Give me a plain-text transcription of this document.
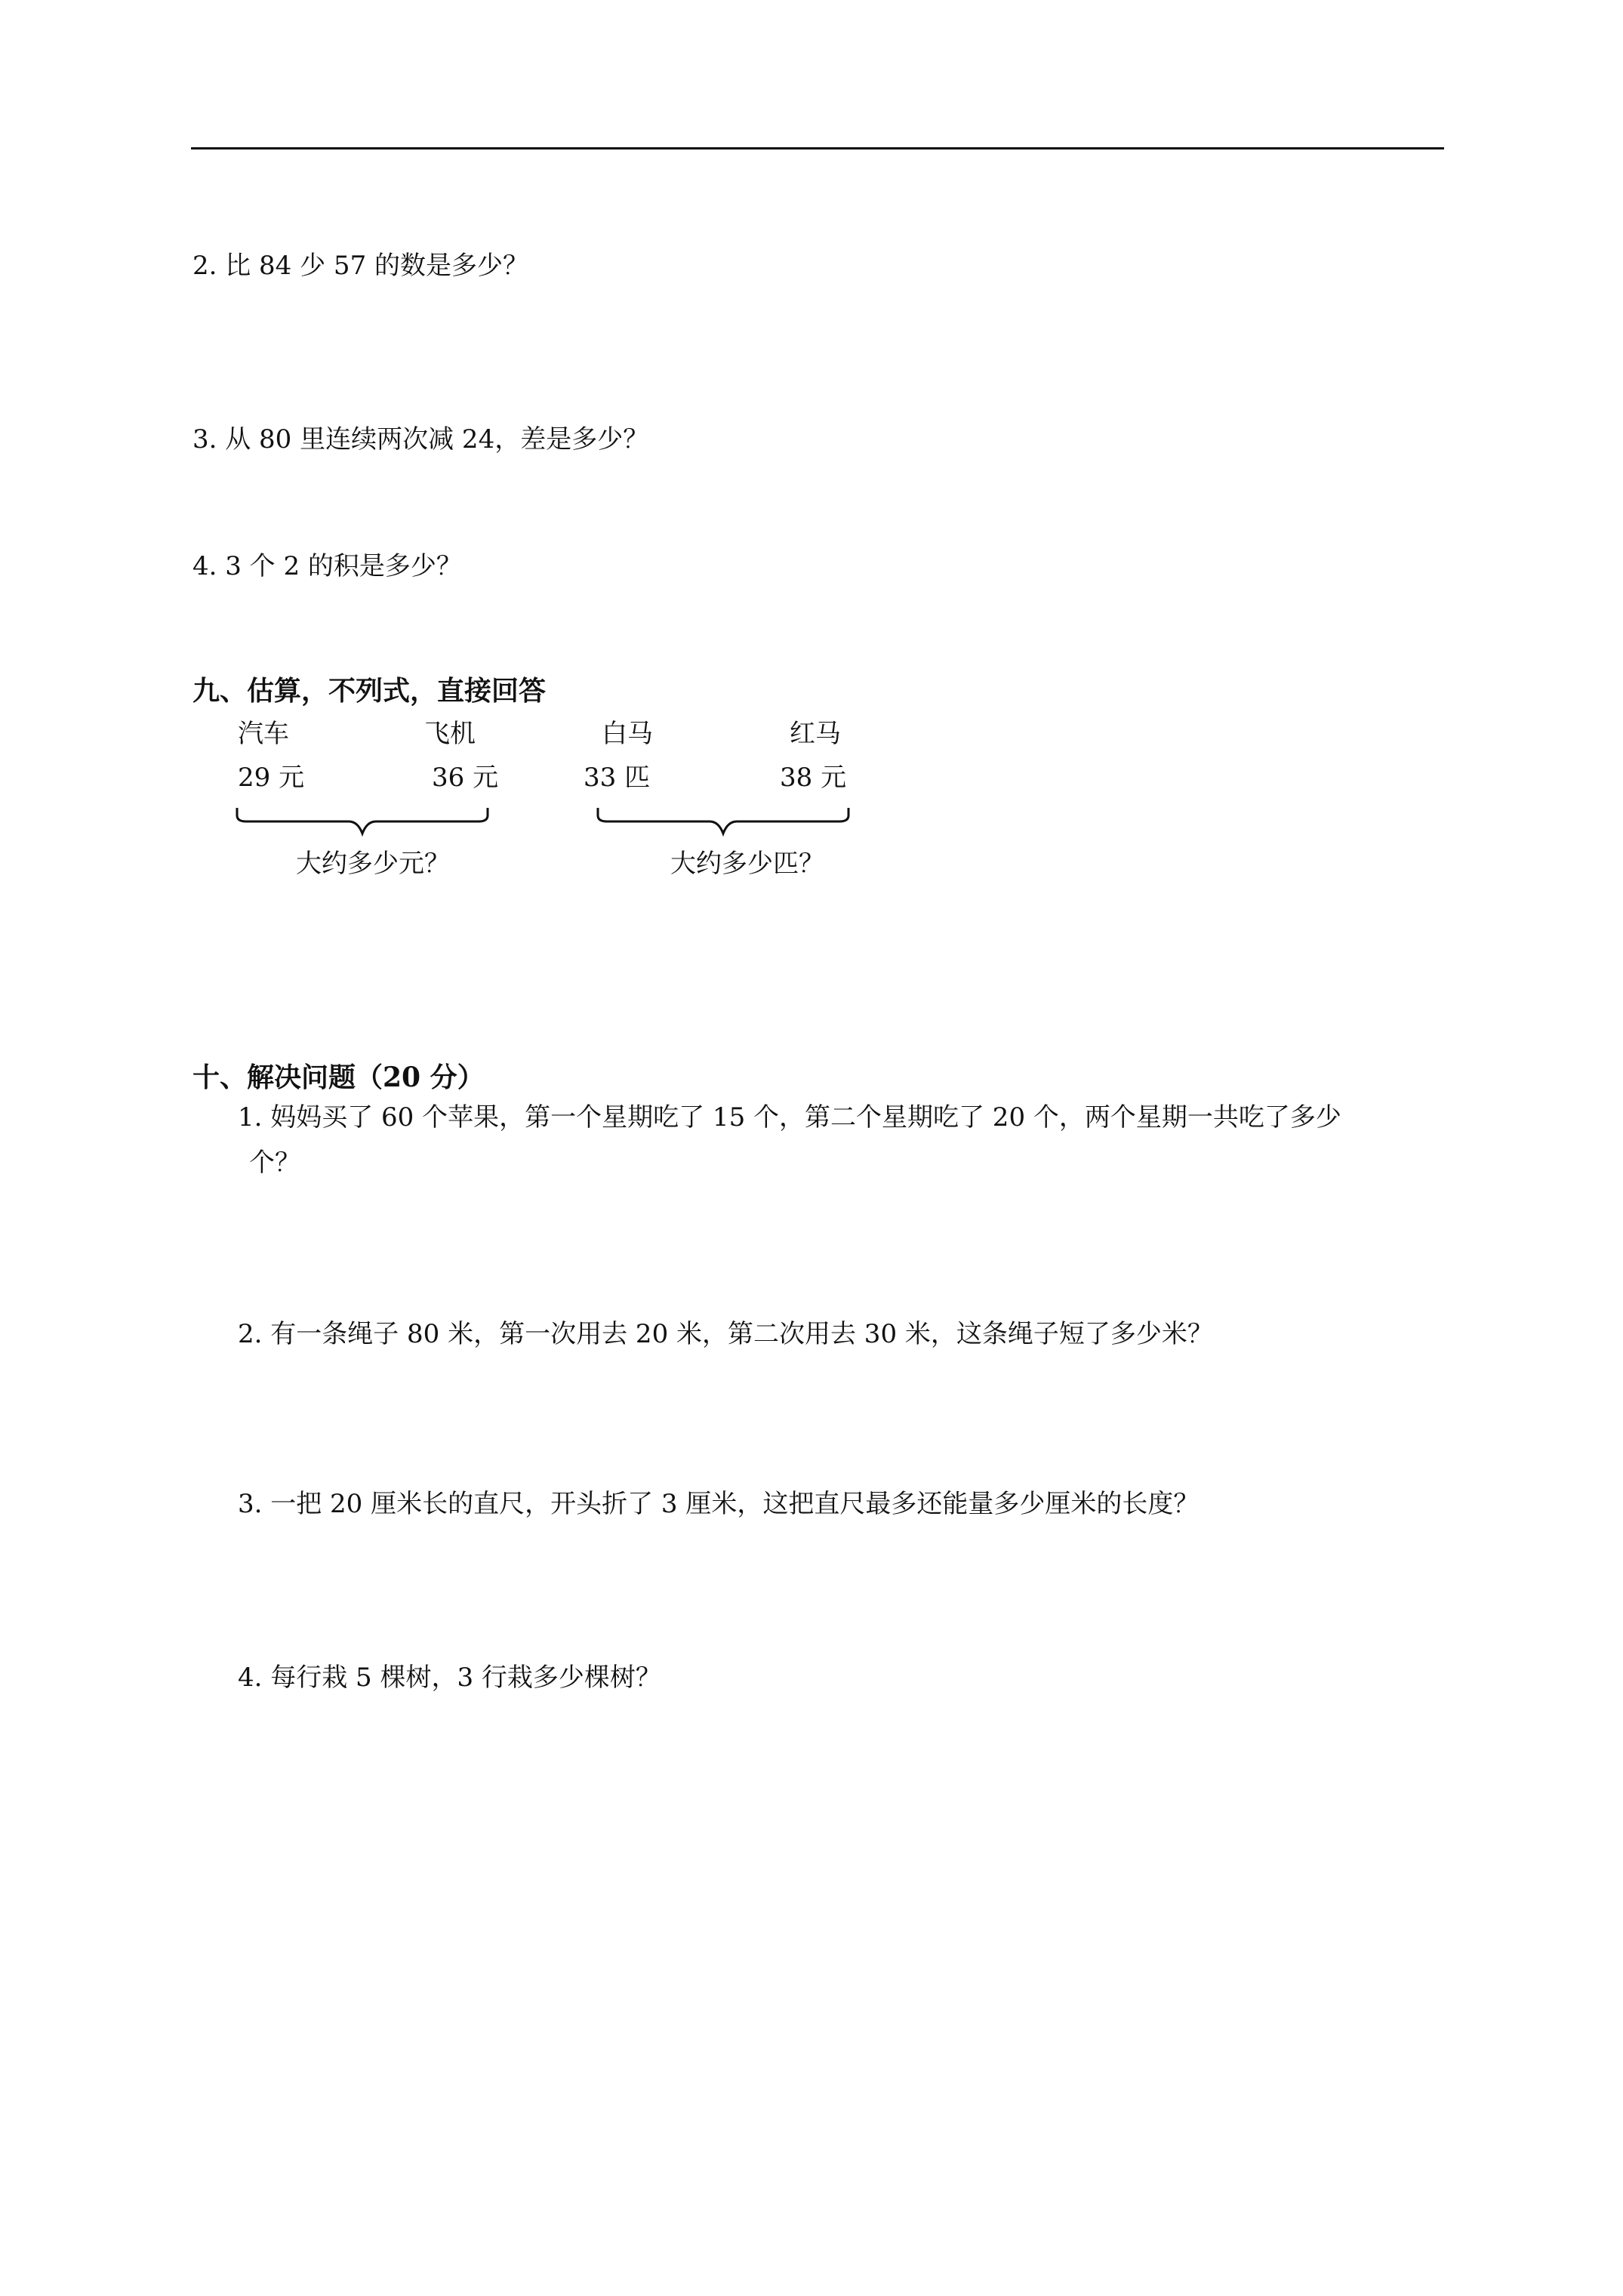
2. 比 84 少 57 的数是多少？
3. 从 80 里连续两次减 24，差是多少？
4. 3 个 2 的积是多少？
九、估算，不列式，直接回答
汽车	飞机	白马	红马
29 元	36 元	33 匹	38 元
大约多少元？	大约多少匹？
十、解决问题（20 分）
1. 妈妈买了 60 个苹果，第一个星期吃了 15 个，第二个星期吃了 20 个，两个星期一共吃了多少
个？
2. 有一条绳子 80 米，第一次用去 20 米，第二次用去 30 米，这条绳子短了多少米？
3. 一把 20 厘米长的直尺，开头折了 3 厘米，这把直尺最多还能量多少厘米的长度？
4. 每行栽 5 棵树，3 行栽多少棵树？
